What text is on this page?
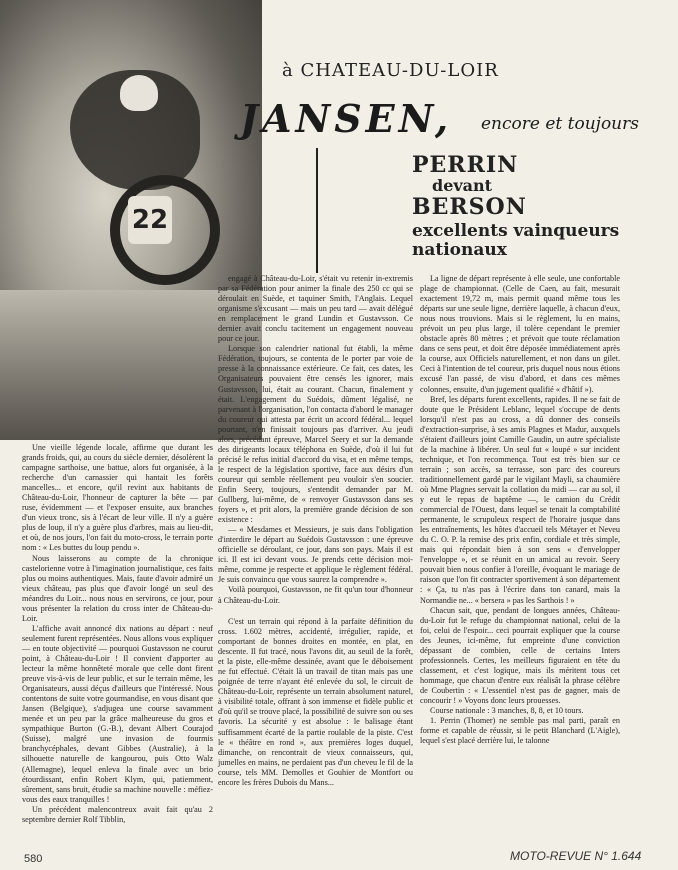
22
à CHATEAU-DU-LOIR
JANSEN, encore et toujours
PERRIN
devant
BERSON
excellents vainqueurs nationaux

Une vieille légende locale, affirme que durant les grands froids, qui, au cours du siècle dernier, désolèrent la campagne sarthoise, une battue, alors fut organisée, à la recherche d'un carnassier qui hantait les forêts mancelles... et encore, qu'il revint aux habitants de Château-du-Loir, l'honneur de capturer la bête — par ruse, évidemment — et l'exposer ensuite, aux branches d'un vieux tronc, sis à l'écart de leur ville. Il n'y a guère plus de loup, il n'y a guère plus d'arbres, mais au lieu-dit, et où, de nos jours, l'on fait du moto-cross, le terrain porte nom : « Les buttes du loup pendu ».

Nous laisserons au compte de la chronique castelorienne votre à l'imagination journalistique, ces faits plus ou moins authentiques. Mais, faute d'avoir admiré un vieux château, pas plus que d'avoir longé un seul des méandres du Loir... nous nous en servirons, ce jour, pour vous présenter la relation du cross inter de Château-du-Loir.

L'affiche avait annoncé dix nations au départ : neuf seulement furent représentées. Nous allons vous expliquer — en toute objectivité — pourquoi Gustavsson ne courut point, à Château-du-Loir ! Il convient d'apporter au lecteur la même honnêteté morale que celle dont firent preuve vis-à-vis de leur public, et sur le terrain même, les Organisateurs, aussi déçus d'ailleurs que l'intéressé. Nous contentons de suite votre gourmandise, en vous disant que Jansen (Belgique), s'adjugea une course savamment menée et un peu par la grâce malheureuse du gros et sympathique Burton (G.-B.), devant Albert Courajod (Suisse), malgré une invasion de fourmis branchycéphales, devant Gibbes (Australie), à la silhouette naturelle de kangourou, puis Otto Walz (Allemagne), lequel enleva la finale avec un brio étourdissant, enfin Robert Klym, qui, patiemment, sûrement, sans bruit, étudie sa machine nouvelle : méfiez-vous des eaux tranquilles !

Un précédent malencontreux avait fait qu'au 2 septembre dernier Rolf Tibblin,

engagé à Château-du-Loir, s'était vu retenir in-extremis par sa Fédération pour animer la finale des 250 cc qui se déroulait en Suède, et taquiner Smith, l'Anglais. Lequel organisme s'excusant — mais un peu tard — avait délégué en remplacement le grand Lundin et Gustavsson. Ce dernier avait conclu tacitement un engagement nouveau pour ce jour.

Lorsque son calendrier national fut établi, la même Fédération, toujours, se contenta de le porter par voie de presse à la connaissance extérieure. Ce fait, ces dates, les Organisateurs pouvaient être censés les ignorer, mais Gustavsson, lui, était au courant. Chacun, finalement y était. L'engagement du Suédois, dûment légalisé, ne parvenant à l'organisation, l'on contacta d'abord le manager du coureur qui attesta par écrit un accord fédéral... lequel pourtant, n'en finissait toujours pas d'arriver. Au jeudi alors, précédant épreuve, Marcel Seery et sur la demande des dirigeants locaux téléphona en Suède, d'où il lui fut précisé le refus initial d'accord du visa, et en même temps, le respect de la législation sportive, face aux désirs d'un coureur qui semble réellement peu vouloir s'en soucier. Enfin Seery, toujours, s'entendit demander par M. Gullberg, lui-même, de « renvoyer Gustavsson dans ses foyers », et prit alors, la première grande décision de son existence :

— « Mesdames et Messieurs, je suis dans l'obligation d'interdire le départ au Suédois Gustavsson : une épreuve officielle se déroulant, ce jour, dans son pays. Mais il est ici. Il est ici devant vous. Je prends cette décision moi-même, comme je respecte et applique le règlement fédéral. Je suis convaincu que vous saurez la comprendre ».

Voilà pourquoi, Gustavsson, ne fit qu'un tour d'honneur à Château-du-Loir.

C'est un terrain qui répond à la parfaite définition du cross. 1.602 mètres, accidenté, irrégulier, rapide, et comportant de bonnes droites en montée, en plat, en descente. Il fut tracé, nous l'avons dit, au seuil de la forêt, et la piste, elle-même dessinée, avant que le déboisement ne fut effectué. C'était là un travail de titan mais pas une poignée de terre n'ayant été enlevée du sol, le circuit de Château-du-Loir, représente un terrain absolument naturel, à visibilité totale, offrant à son immense et fidèle public et d'où qu'il se trouve placé, la possibilité de suivre son ou ses favoris. La sécurité y est absolue : le balisage étant suffisamment écarté de la partie roulable de la piste. C'est le « théâtre en rond », aux premières loges duquel, dimanche, on rencontrait de vieux connaisseurs, qui, jumelles en mains, ne perdaient pas d'un cheveu le fil de la course, tels MM. Demolles et Gouhier de Montfort ou encore les frères Dubois du Mans...

La ligne de départ représente à elle seule, une confortable plage de championnat. (Celle de Caen, au fait, mesurait exactement 19,72 m, mais permit quand même tous les départs sur une seule ligne, derrière laquelle, à chacun d'eux, nous nous trouvions. Mais si le règlement, lu en mains, prévoit un peu plus large, il tolère cependant le premier obstacle après 80 mètres ; et prévoit que toute réclamation dans ce sens peut, et doit être déposée immédiatement après la course, aux Officiels naturellement, et non dans un gilet. Ceci à l'intention de tel coureur, pris duquel nous nous étions excusé l'an passé, de visu d'abord, et dans ces mêmes colonnes, ensuite, d'un jugement qualifié « d'hâtif »).

Bref, les départs furent excellents, rapides. Il ne se fait de doute que le Président Leblanc, lequel s'occupe de dents lorsqu'il n'est pas au cross, a dû donner des conseils d'extraction-surprise, à ses amis Plagnes et Madur, auxquels s'étaient d'ailleurs joint Camille Gaudin, un autre spécialiste de la machine à libérer. Un seul fut « loupé » sur incident technique, et l'on recommença. Tout est très bien sur ce terrain ; son accès, sa terrasse, son parc des coureurs traditionnellement gardé par le vigilant Mayli, sa chaumière où Mme Plagnes servait la collation du midi — car au sol, il y eut le repas de baptême —, le camion du Crédit commercial de l'Ouest, dans lequel se tenait la comptabilité permanente, le scrupuleux respect de l'horaire jusque dans les entraînements, les hôtes d'accueil tels Métayer et Neveu du C. O. P. la remise des prix enfin, cordiale et très simple, mais qui répondait bien à son sens « d'envelopper l'enveloppe », et se réunit en un amical au revoir. Seery pouvait bien nous confier à l'oreille, évoquant le mariage de raison que l'on fit contracter sportivement à son département : « Ça, tu n'as pas à l'écrire dans ton canard, mais la Normandie ne... « bersera » pas les Sarthois ! »

Chacun sait, que, pendant de longues années, Château-du-Loir fut le refuge du championnat national, celui de la foi, celui de l'espoir... ceci pourrait expliquer que la course des Jeunes, ici-même, fut empreinte d'une conviction dépassant de combien, celle de certains Inters professionnels. Certes, les meilleurs figuraient en tête du classement, et c'est logique, mais ils méritent tous cet hommage, que chacun d'entre eux réalisât la phrase célèbre de Coubertin : « L'essentiel n'est pas de gagner, mais de concourir ! » Voyons donc leurs prouesses.

Course nationale : 3 manches, 8, 8, et 10 tours.

1. Perrin (Thomer) ne semble pas mal parti, paraît en forme et capable de réussir, si le petit Blanchard (L'Aigle), lequel s'est placé derrière lui, le talonne

580	MOTO-REVUE N° 1.644
